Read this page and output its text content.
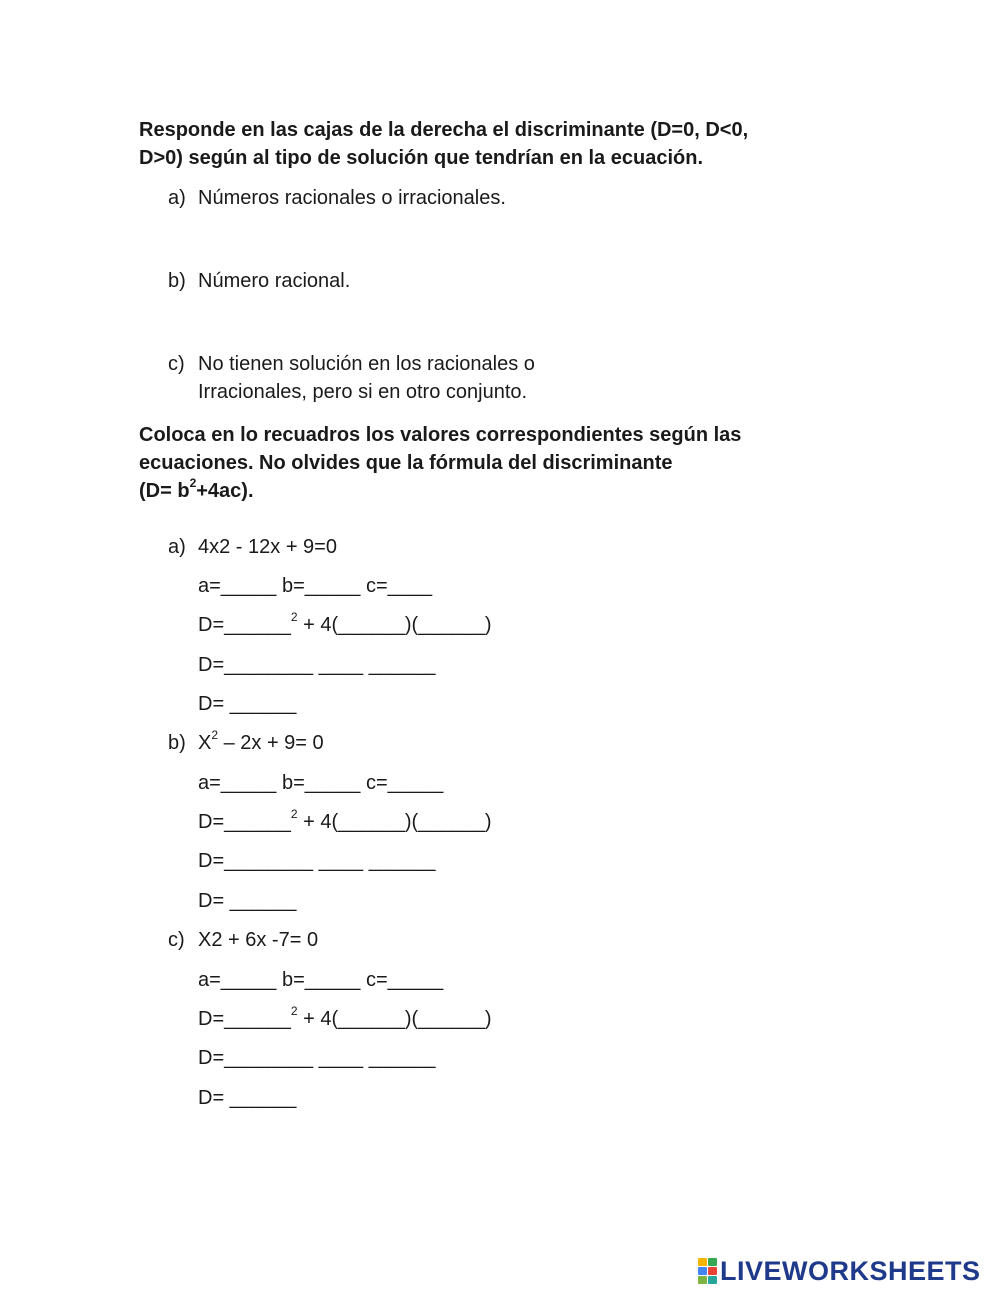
Responde en las cajas de la derecha el discriminante (D=0, D<0,
D>0) según al tipo de solución que tendrían en la ecuación.
a) Números racionales o irracionales.
b) Número racional.
c) No tienen solución en los racionales o
Irracionales, pero si en otro conjunto.
Coloca en lo recuadros los valores correspondientes según las
ecuaciones. No olvides que la fórmula del discriminante
$(D= b^2+4ac)$.
a) 4x2 - 12x + 9=0
a=_____ b=_____ c=____
D=______$^2$ + 4(______)(______)
D=________ ____ ______
D= ______
b) $X^2 - 2x + 9= 0$
a=_____ b=_____ c=_____
D=______$^2$ + 4(______)(______)
D=________ ____ ______
D= ______
c) X2 + 6x -7= 0
a=_____ b=_____ c=_____
D=______$^2$ + 4(______)(______)
D=________ ____ ______
D= ______
LIVEWORKSHEETS
